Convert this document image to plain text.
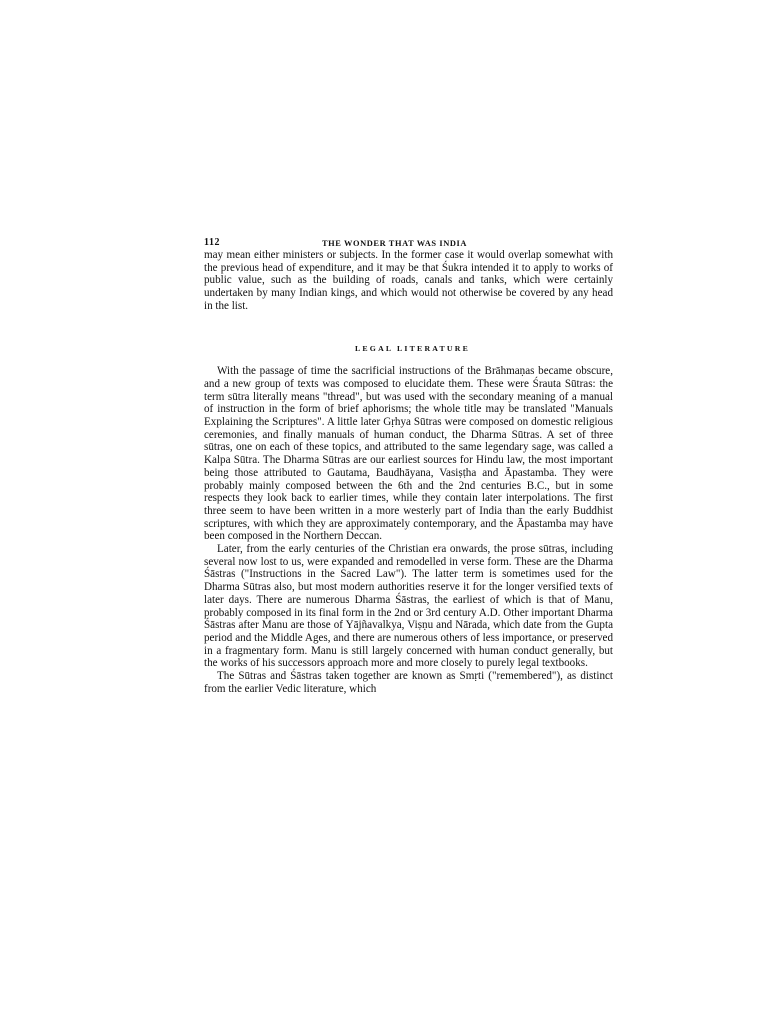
112	THE WONDER THAT WAS INDIA

may mean either ministers or subjects. In the former case it would overlap somewhat with the previous head of expenditure, and it may be that Śukra intended it to apply to works of public value, such as the building of roads, canals and tanks, which were certainly undertaken by many Indian kings, and which would not otherwise be covered by any head in the list.

LEGAL LITERATURE

With the passage of time the sacrificial instructions of the Brāhmaṇas became obscure, and a new group of texts was composed to elucidate them. These were Śrauta Sūtras: the term sūtra literally means "thread", but was used with the secondary meaning of a manual of instruction in the form of brief aphorisms; the whole title may be translated "Manuals Explaining the Scriptures". A little later Gṛhya Sūtras were composed on domestic religious ceremonies, and finally manuals of human conduct, the Dharma Sūtras. A set of three sūtras, one on each of these topics, and attributed to the same legendary sage, was called a Kalpa Sūtra. The Dharma Sūtras are our earliest sources for Hindu law, the most important being those attributed to Gautama, Baudhāyana, Vasiṣṭha and Āpastamba. They were probably mainly composed between the 6th and the 2nd centuries B.C., but in some respects they look back to earlier times, while they contain later interpolations. The first three seem to have been written in a more westerly part of India than the early Buddhist scriptures, with which they are approximately contemporary, and the Āpastamba may have been composed in the Northern Deccan.

Later, from the early centuries of the Christian era onwards, the prose sūtras, including several now lost to us, were expanded and remodelled in verse form. These are the Dharma Śāstras ("Instructions in the Sacred Law"). The latter term is sometimes used for the Dharma Sūtras also, but most modern authorities reserve it for the longer versified texts of later days. There are numerous Dharma Śāstras, the earliest of which is that of Manu, probably composed in its final form in the 2nd or 3rd century A.D. Other important Dharma Śāstras after Manu are those of Yājñavalkya, Viṣṇu and Nārada, which date from the Gupta period and the Middle Ages, and there are numerous others of less importance, or preserved in a fragmentary form. Manu is still largely concerned with human conduct generally, but the works of his successors approach more and more closely to purely legal textbooks.

The Sūtras and Śāstras taken together are known as Smṛti ("remembered"), as distinct from the earlier Vedic literature, which
